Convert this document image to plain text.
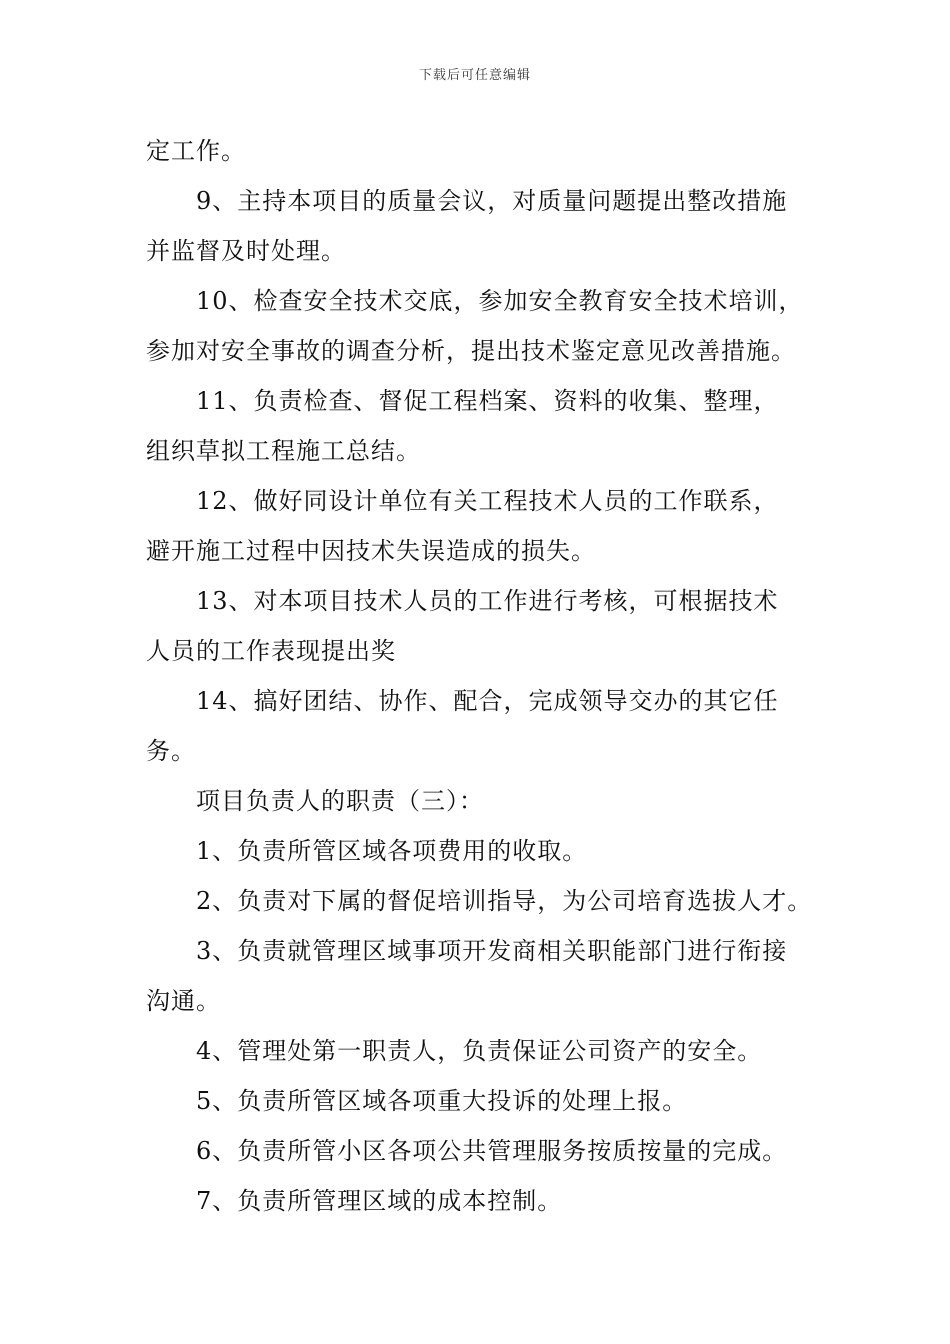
下载后可任意编辑
定工作。
9、主持本项目的质量会议，对质量问题提出整改措施
并监督及时处理。
10、检查安全技术交底，参加安全教育安全技术培训，
参加对安全事故的调查分析，提出技术鉴定意见改善措施。
11、负责检查、督促工程档案、资料的收集、整理，
组织草拟工程施工总结。
12、做好同设计单位有关工程技术人员的工作联系，
避开施工过程中因技术失误造成的损失。
13、对本项目技术人员的工作进行考核，可根据技术
人员的工作表现提出奖
14、搞好团结、协作、配合，完成领导交办的其它任
务。
项目负责人的职责（三）：
1、负责所管区域各项费用的收取。
2、负责对下属的督促培训指导，为公司培育选拔人才。
3、负责就管理区域事项开发商相关职能部门进行衔接
沟通。
4、管理处第一职责人，负责保证公司资产的安全。
5、负责所管区域各项重大投诉的处理上报。
6、负责所管小区各项公共管理服务按质按量的完成。
7、负责所管理区域的成本控制。
